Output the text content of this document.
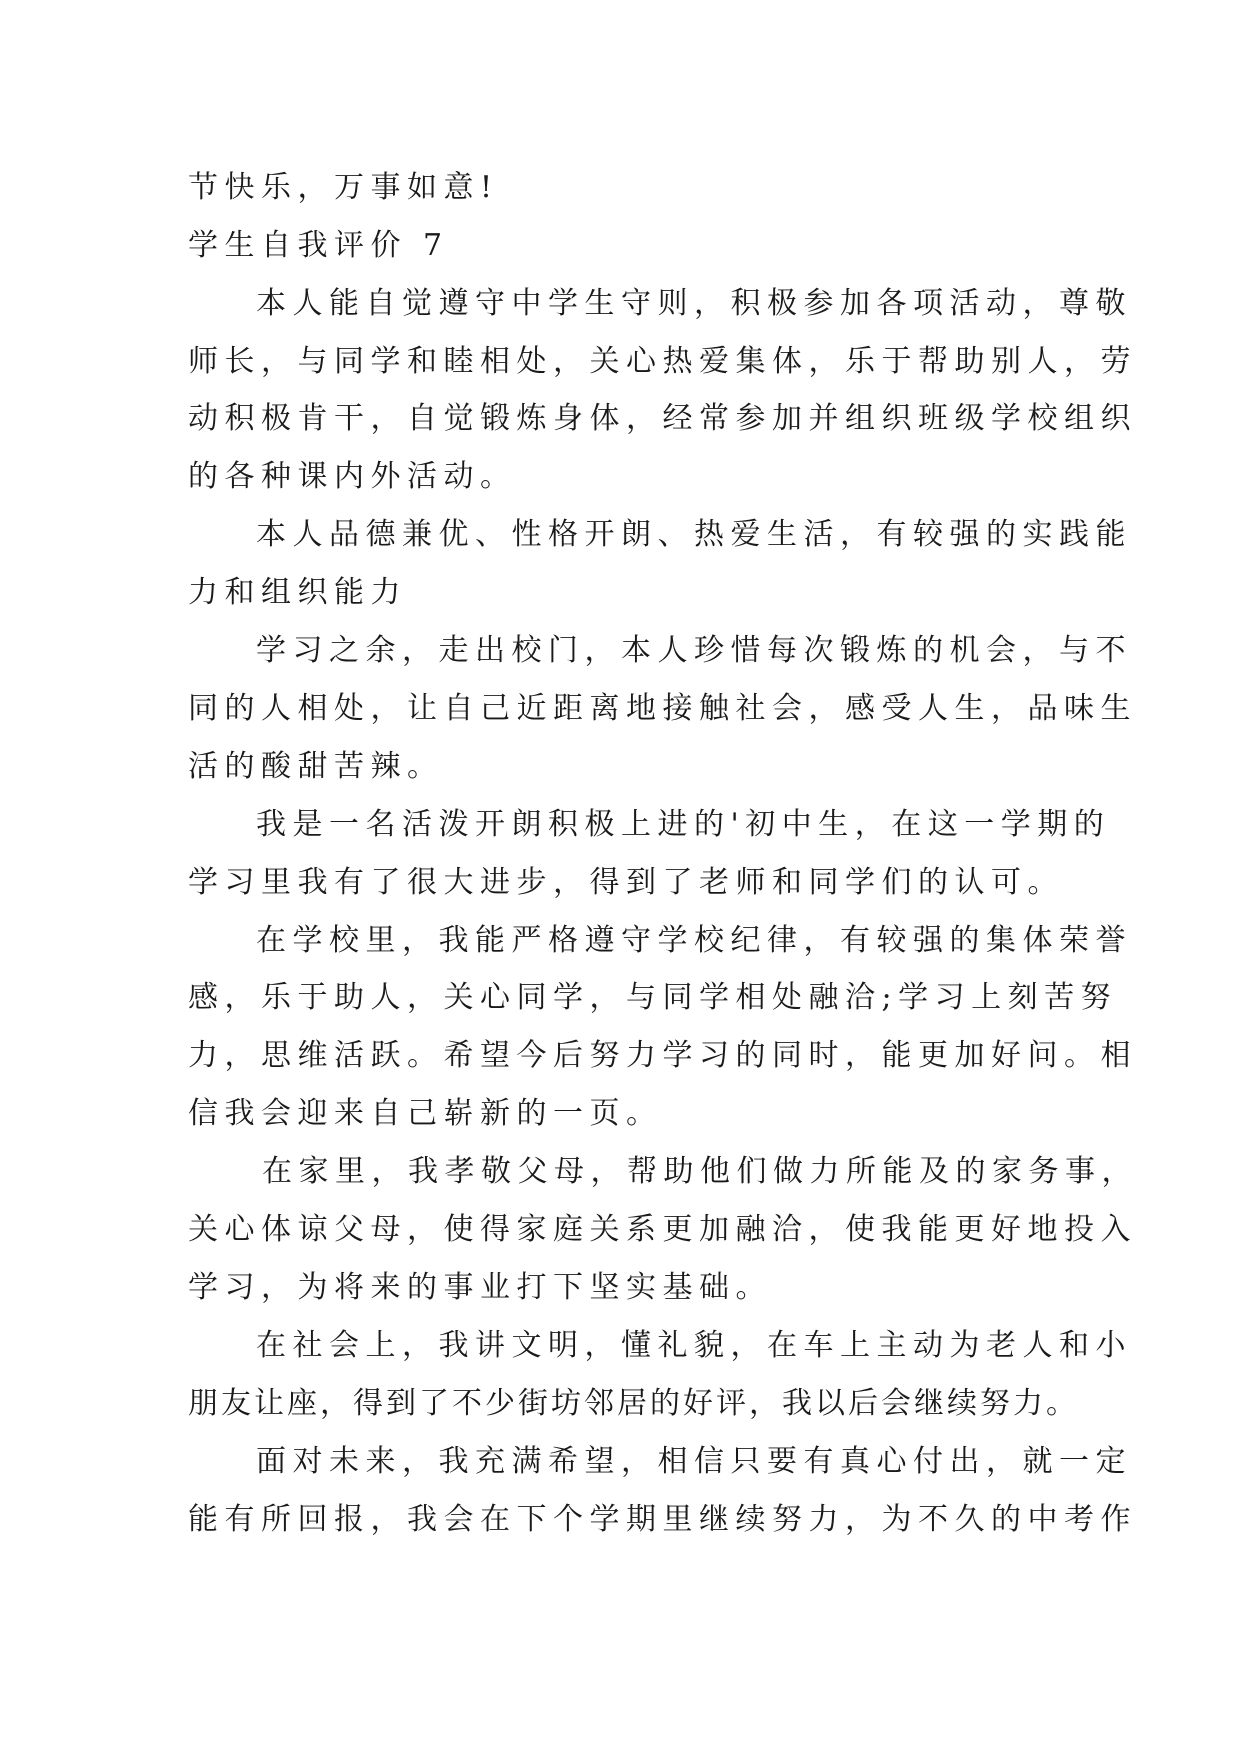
节快乐，万事如意!
学生自我评价 7
本人能自觉遵守中学生守则，积极参加各项活动，尊敬
师长，与同学和睦相处，关心热爱集体，乐于帮助别人，劳
动积极肯干，自觉锻炼身体，经常参加并组织班级学校组织
的各种课内外活动。
本人品德兼优、性格开朗、热爱生活，有较强的实践能
力和组织能力
学习之余，走出校门，本人珍惜每次锻炼的机会，与不
同的人相处，让自己近距离地接触社会，感受人生，品味生
活的酸甜苦辣。
我是一名活泼开朗积极上进的'初中生，在这一学期的
学习里我有了很大进步，得到了老师和同学们的认可。
在学校里，我能严格遵守学校纪律，有较强的集体荣誉
感，乐于助人，关心同学，与同学相处融洽;学习上刻苦努
力，思维活跃。希望今后努力学习的同时，能更加好问。相
信我会迎来自己崭新的一页。
在家里，我孝敬父母，帮助他们做力所能及的家务事，
关心体谅父母，使得家庭关系更加融洽，使我能更好地投入
学习，为将来的事业打下坚实基础。
在社会上，我讲文明，懂礼貌，在车上主动为老人和小
朋友让座，得到了不少街坊邻居的好评，我以后会继续努力。
面对未来，我充满希望，相信只要有真心付出，就一定
能有所回报，我会在下个学期里继续努力，为不久的中考作
